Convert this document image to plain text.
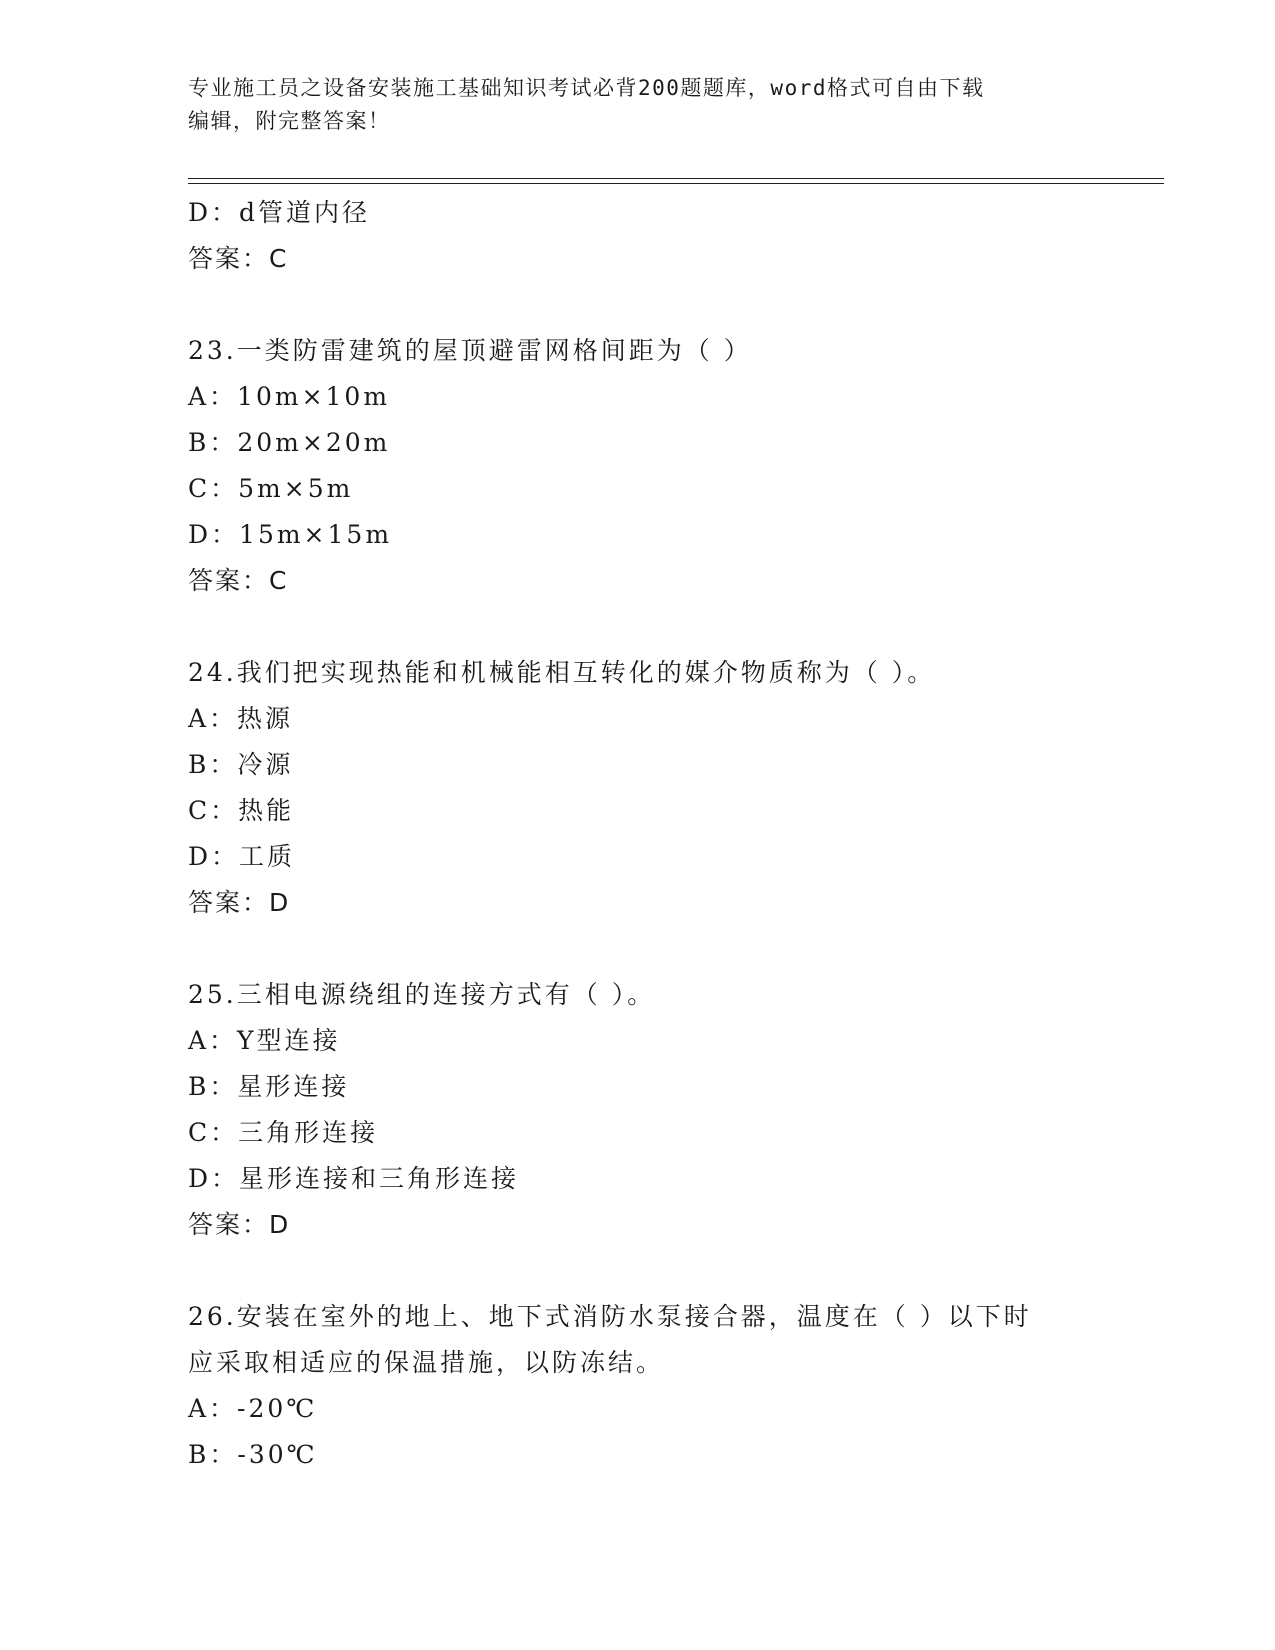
专业施工员之设备安装施工基础知识考试必背200题题库，word格式可自由下载
编辑，附完整答案！
D：d管道内径
答案：C
23.一类防雷建筑的屋顶避雷网格间距为（ ）
A：10m×10m
B：20m×20m
C：5m×5m
D：15m×15m
答案：C
24.我们把实现热能和机械能相互转化的媒介物质称为（ ）。
A：热源
B：冷源
C：热能
D：工质
答案：D
25.三相电源绕组的连接方式有（ ）。
A：Y型连接
B：星形连接
C：三角形连接
D：星形连接和三角形连接
答案：D
26.安装在室外的地上、地下式消防水泵接合器，温度在（ ）以下时
应采取相适应的保温措施，以防冻结。
A：-20℃
B：-30℃
